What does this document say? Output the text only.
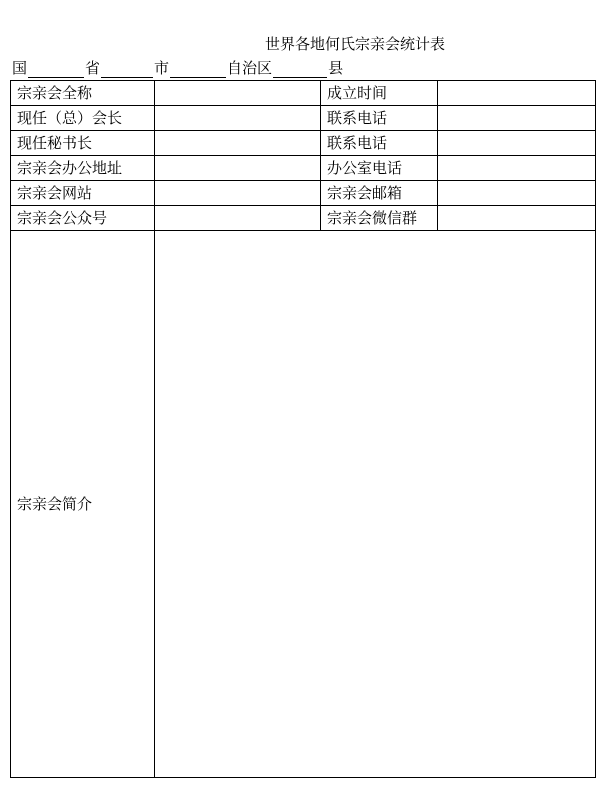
世界各地何氏宗亲会统计表
国	省	市	自治区	县
宗亲会全称		成立时间	
现任（总）会长		联系电话	
现任秘书长		联系电话	
宗亲会办公地址		办公室电话	
宗亲会网站		宗亲会邮箱	
宗亲会公众号		宗亲会微信群	
宗亲会简介			
